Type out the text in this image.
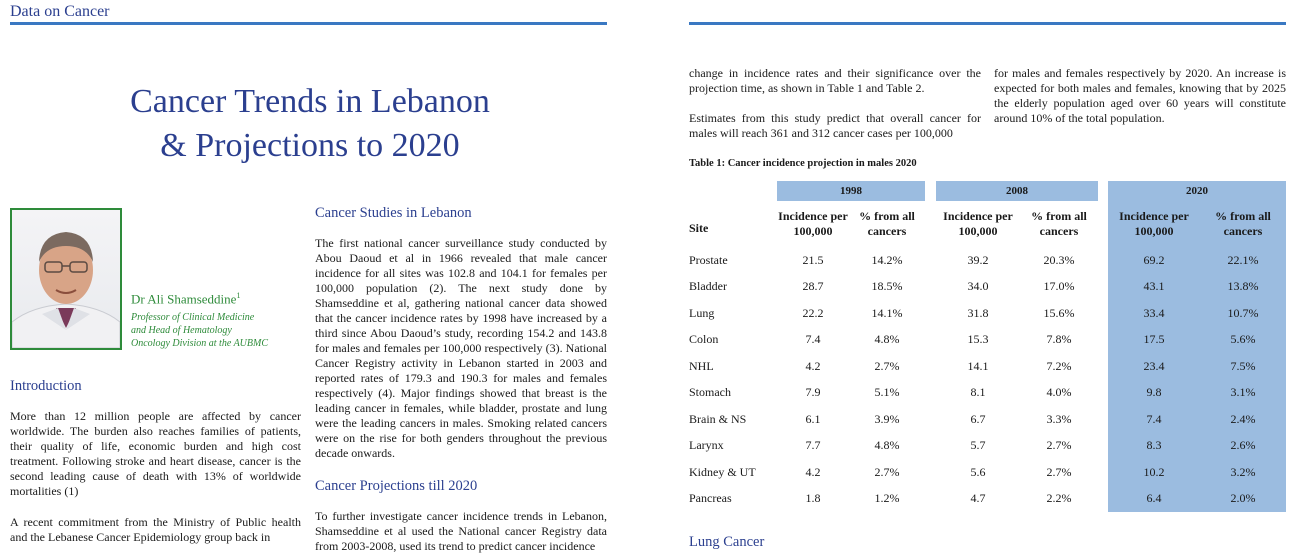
Data on Cancer
Cancer Trends in Lebanon
& Projections to 2020
Dr Ali Shamseddine$^1$
Professor of Clinical Medicine
and Head of Hematology
Oncology Division at the AUBMC
Introduction

More than 12 million people are affected by cancer worldwide. The burden also reaches families of patients, their quality of life, economic burden and high cost treatment. Following stroke and heart disease, cancer is the second leading cause of death with 13% of worldwide mortalities (1)

A recent commitment from the Ministry of Public health and the Lebanese Cancer Epidemiology group back in

Cancer Studies in Lebanon

The first national cancer surveillance study conducted by Abou Daoud et al in 1966 revealed that male cancer incidence for all sites was 102.8 and 104.1 for females per 100,000 population (2). The next study done by Shamseddine et al, gathering national cancer data showed that the cancer incidence rates by 1998 have increased by a third since Abou Daoud’s study, recording 154.2 and 143.8 for males and females per 100,000 respectively (3). National Cancer Registry activity in Lebanon started in 2003 and reported rates of 179.3 and 190.3 for males and females respectively (4). Major findings showed that breast is the leading cancer in females, while bladder, prostate and lung were the leading cancers in males. Smoking related cancers were on the rise for both genders throughout the previous decade onwards.

Cancer Projections till 2020

To further investigate cancer incidence trends in Lebanon, Shamseddine et al used the National cancer Registry data from 2003-2008, used its trend to predict cancer incidence

change in incidence rates and their significance over the projection time, as shown in Table 1 and Table 2.

Estimates from this study predict that overall cancer for males will reach 361 and 312 cancer cases per 100,000

for males and females respectively by 2020. An increase is expected for both males and females, knowing that by 2025 the elderly population aged over 60 years will constitute around 10% of the total population.

Table 1: Cancer incidence projection in males 2020
	1998			2008			2020	
Site	Incidence per 100,000	% from all cancers		Incidence per 100,000	% from all cancers		Incidence per 100,000	% from all cancers
Prostate	21.5	14.2%		39.2	20.3%		69.2	22.1%
Bladder	28.7	18.5%		34.0	17.0%		43.1	13.8%
Lung	22.2	14.1%		31.8	15.6%		33.4	10.7%
Colon	7.4	4.8%		15.3	7.8%		17.5	5.6%
NHL	4.2	2.7%		14.1	7.2%		23.4	7.5%
Stomach	7.9	5.1%		8.1	4.0%		9.8	3.1%
Brain & NS	6.1	3.9%		6.7	3.3%		7.4	2.4%
Larynx	7.7	4.8%		5.7	2.7%		8.3	2.6%
Kidney & UT	4.2	2.7%		5.6	2.7%		10.2	3.2%
Pancreas	1.8	1.2%		4.7	2.2%		6.4	2.0%
Lung Cancer
